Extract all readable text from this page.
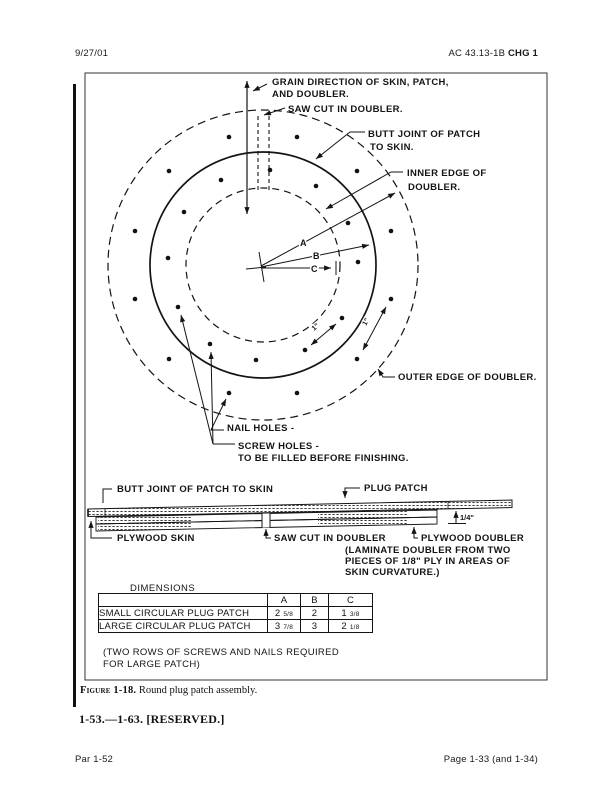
9/27/01	AC 43.13-1B CHG 1
A
B
C
1"
1"
GRAIN DIRECTION OF SKIN, PATCH,
AND DOUBLER.
SAW CUT IN DOUBLER.
BUTT JOINT OF PATCH
TO SKIN.
INNER EDGE OF
DOUBLER.
OUTER EDGE OF DOUBLER.
NAIL HOLES -
SCREW HOLES -
TO BE FILLED BEFORE FINISHING.
1/4"
BUTT JOINT OF PATCH TO SKIN	PLUG PATCH
PLYWOOD SKIN	SAW CUT IN DOUBLER	PLYWOOD DOUBLER
(LAMINATE DOUBLER FROM TWO
PIECES OF 1/8" PLY IN AREAS OF
SKIN CURVATURE.)
DIMENSIONS
	A	B	C
SMALL CIRCULAR PLUG PATCH	2 5/8	2	1 3/8
LARGE CIRCULAR PLUG PATCH	3 7/8	3	2 1/8
(TWO ROWS OF SCREWS AND NAILS REQUIRED
FOR LARGE PATCH)
Figure 1-18. Round plug patch assembly.
1-53.—1-63. [RESERVED.]
Par 1-52	Page 1-33 (and 1-34)
